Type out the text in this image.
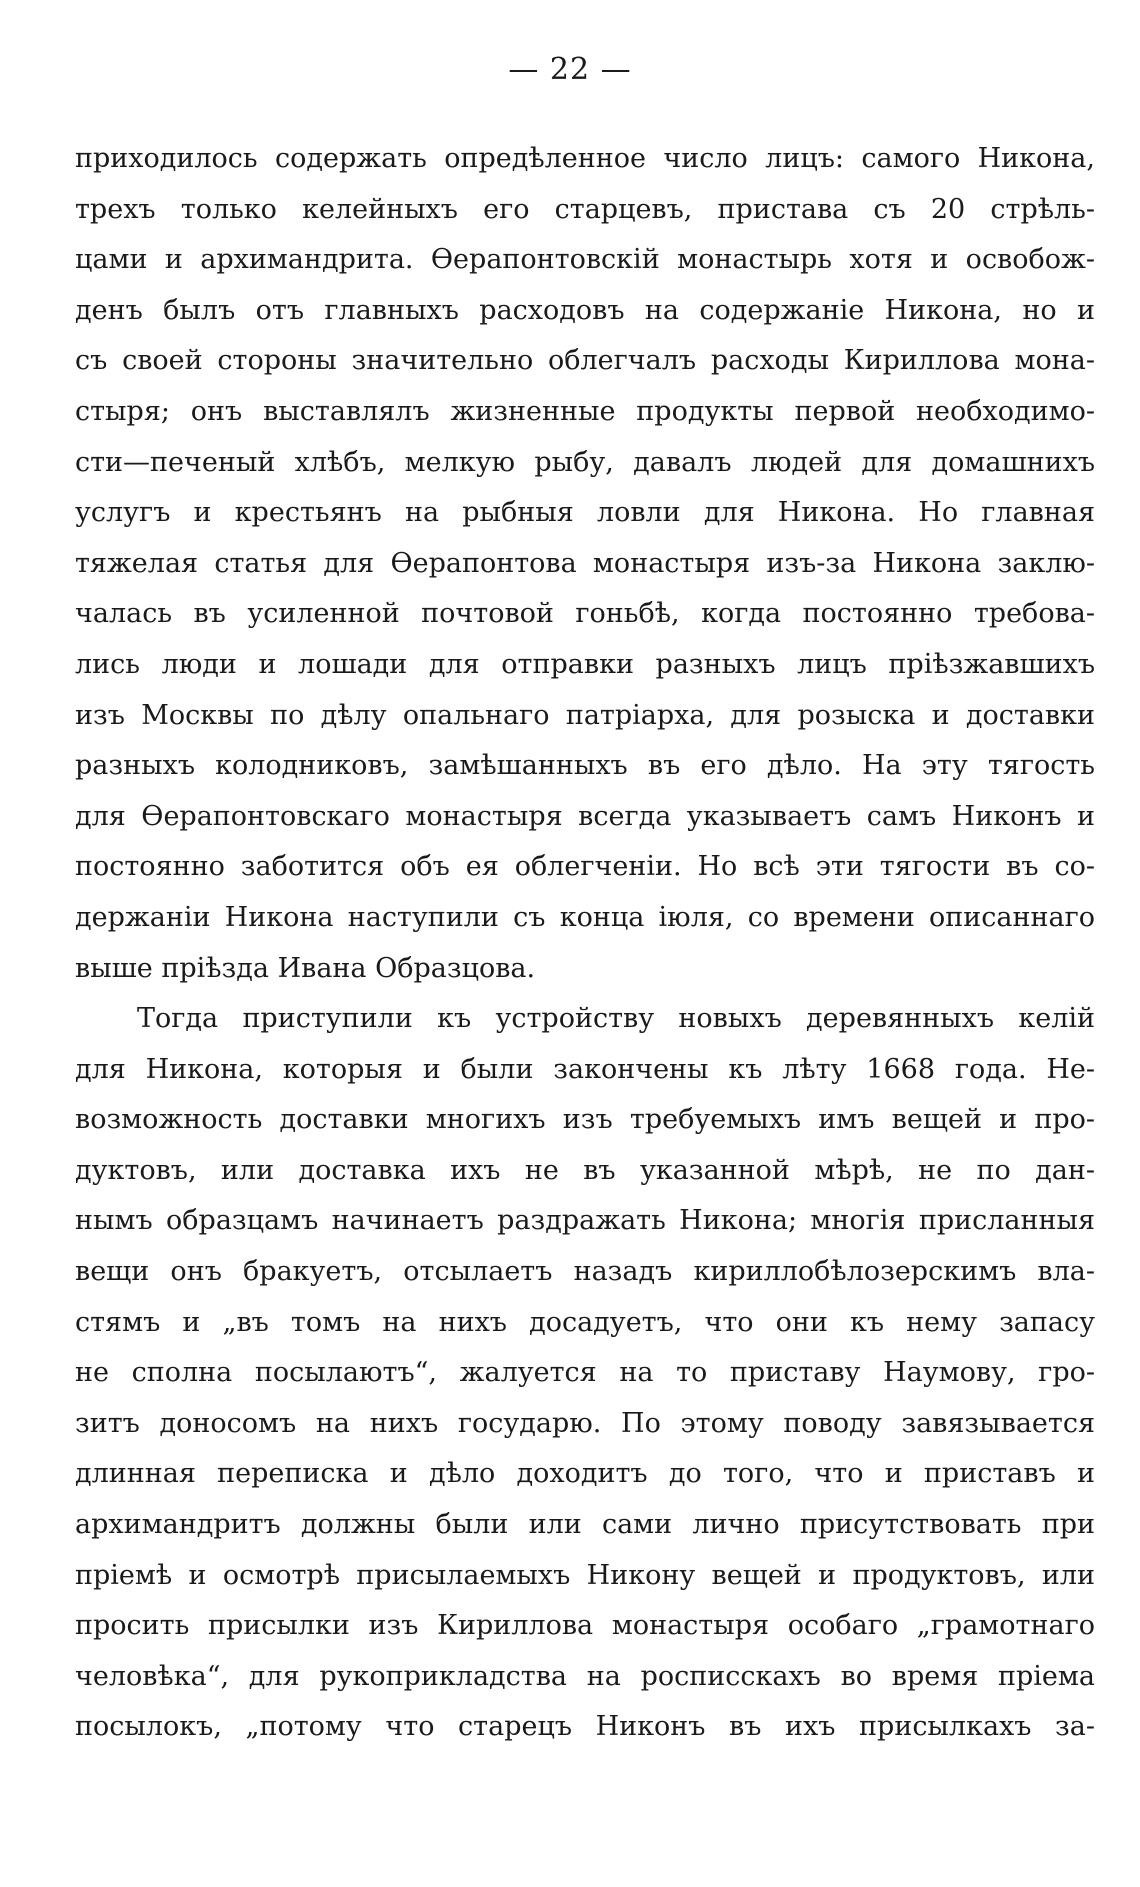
— 22 —
приходилось содержать опредѣленное число лицъ: самого Никона,
трехъ только келейныхъ его старцевъ, пристава съ 20 стрѣль-
цами и архимандрита. Ѳерапонтовскій монастырь хотя и освобож-
денъ былъ отъ главныхъ расходовъ на содержаніе Никона, но и
съ своей стороны значительно облегчалъ расходы Кириллова мона-
стыря; онъ выставлялъ жизненные продукты первой необходимо-
сти—печеный хлѣбъ, мелкую рыбу, давалъ людей для домашнихъ
услугъ и крестьянъ на рыбныя ловли для Никона. Но главная
тяжелая статья для Ѳерапонтова монастыря изъ-за Никона заклю-
чалась въ усиленной почтовой гоньбѣ, когда постоянно требова-
лись люди и лошади для отправки разныхъ лицъ пріѣзжавшихъ
изъ Москвы по дѣлу опальнаго патріарха, для розыска и доставки
разныхъ колодниковъ, замѣшанныхъ въ его дѣло. На эту тягость
для Ѳерапонтовскаго монастыря всегда указываетъ самъ Никонъ и
постоянно заботится объ ея облегченіи. Но всѣ эти тягости въ со-
держаніи Никона наступили съ конца іюля, со времени описаннаго
выше пріѣзда Ивана Образцова.
Тогда приступили къ устройству новыхъ деревянныхъ келій
для Никона, которыя и были закончены къ лѣту 1668 года. Не-
возможность доставки многихъ изъ требуемыхъ имъ вещей и про-
дуктовъ, или доставка ихъ не въ указанной мѣрѣ, не по дан-
нымъ образцамъ начинаетъ раздражать Никона; многія присланныя
вещи онъ бракуетъ, отсылаетъ назадъ кириллобѣлозерскимъ вла-
стямъ и „въ томъ на нихъ досадуетъ, что они къ нему запасу
не сполна посылаютъ“, жалуется на то приставу Наумову, гро-
зитъ доносомъ на нихъ государю. По этому поводу завязывается
длинная переписка и дѣло доходитъ до того, что и приставъ и
архимандритъ должны были или сами лично присутствовать при
пріемѣ и осмотрѣ присылаемыхъ Никону вещей и продуктовъ, или
просить присылки изъ Кириллова монастыря особаго „грамотнаго
человѣка“, для рукоприкладства на росписскахъ во время пріема
посылокъ, „потому что старецъ Никонъ въ ихъ присылкахъ за-
